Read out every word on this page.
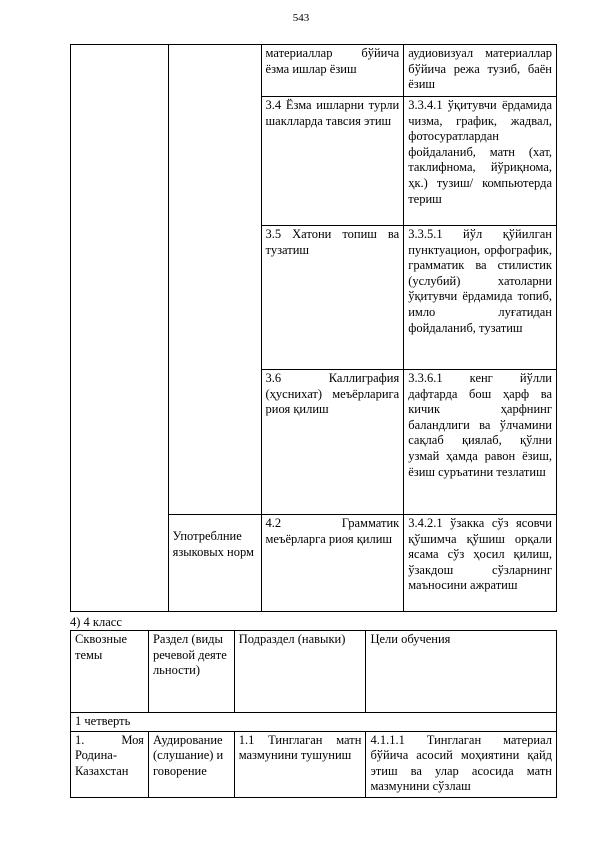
543
		материаллар бўйича ёзма ишлар ёзиш	аудиовизуал материаллар бўйича режа тузиб, баён ёзиш
		3.4 Ёзма ишларни турли шаклларда тавсия этиш	3.3.4.1 ўқитувчи ёрдамида чизма, график, жадвал, фотосуратлардан фойдаланиб, матн (хат, таклифнома, йўриқнома, ҳк.) тузиш/ компьютерда териш
		3.5 Хатони топиш ва тузатиш	3.3.5.1 йўл қўйилган пунктуацион, орфографик, грамматик ва стилистик (услубий) хатоларни ўқитувчи ёрдамида топиб, имло луғатидан фойдаланиб, тузатиш
		3.6 Каллиграфия (ҳуснихат) меъёрларига риоя қилиш	3.3.6.1 кенг йўлли дафтарда бош ҳарф ва кичик ҳарфнинг баландлиги ва ўлчамини сақлаб қиялаб, қўлни узмай ҳамда равон ёзиш, ёзиш суръатини тезлатиш
	Употреблние языковых норм	4.2 Грамматик меъёрларга риоя қилиш	3.4.2.1 ўзакка сўз ясовчи қўшимча қўшиш орқали ясама сўз ҳосил қилиш, ўзакдош сўзларнинг маъносини ажратиш
4) 4 класс
Сквозные темы	Раздел (виды речевой деятельности)	Подраздел (навыки)	Цели обучения
1 четверть			
1. Моя Родина-Казахстан	Аудирование (слушание) и говорение	1.1 Тинглаган матн мазмунини тушуниш	4.1.1.1 Тинглаган материал бўйича асосий моҳиятини қайд этиш ва улар асосида матн мазмунини сўзлаш
